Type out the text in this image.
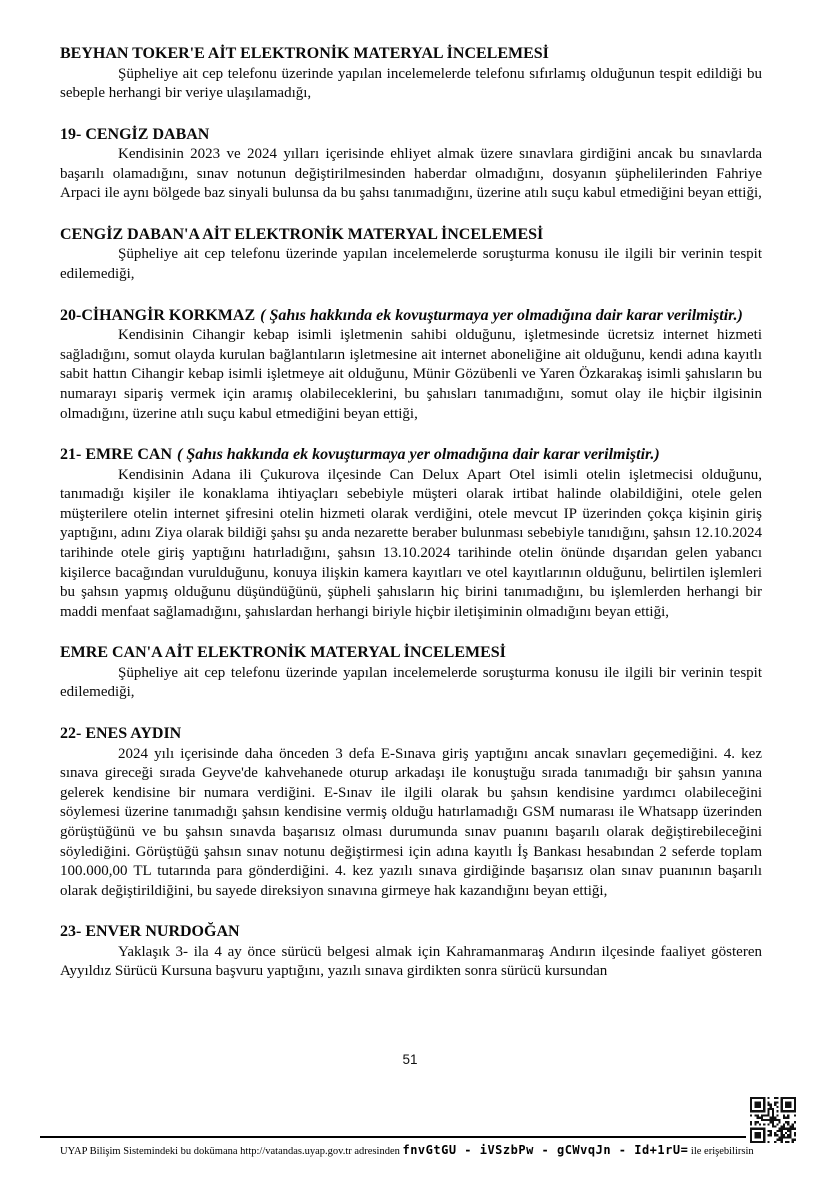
BEYHAN TOKER'E AİT ELEKTRONİK MATERYAL İNCELEMESİ

Şüpheliye ait cep telefonu üzerinde yapılan incelemelerde telefonu sıfırlamış olduğunun tespit edildiği bu sebeple herhangi bir veriye ulaşılamadığı,

19- CENGİZ DABAN

Kendisinin 2023 ve 2024 yılları içerisinde ehliyet almak üzere sınavlara girdiğini ancak bu sınavlarda başarılı olamadığını, sınav notunun değiştirilmesinden haberdar olmadığını, dosyanın şüphelilerinden Fahriye Arpaci ile aynı bölgede baz sinyali bulunsa da bu şahsı tanımadığını, üzerine atılı suçu kabul etmediğini beyan ettiği,

CENGİZ DABAN'A AİT ELEKTRONİK MATERYAL İNCELEMESİ

Şüpheliye ait cep telefonu üzerinde yapılan incelemelerde soruşturma konusu ile ilgili bir verinin tespit edilemediği,

20-CİHANGİR KORKMAZ ( Şahıs hakkında ek kovuşturmaya yer olmadığına dair karar verilmiştir.)

Kendisinin Cihangir kebap isimli işletmenin sahibi olduğunu, işletmesinde ücretsiz internet hizmeti sağladığını, somut olayda kurulan bağlantıların işletmesine ait internet aboneliğine ait olduğunu, kendi adına kayıtlı sabit hattın Cihangir kebap isimli işletmeye ait olduğunu, Münir Gözübenli ve Yaren Özkarakaş isimli şahısların bu numarayı sipariş vermek için aramış olabileceklerini, bu şahısları tanımadığını, somut olay ile hiçbir ilgisinin olmadığını, üzerine atılı suçu kabul etmediğini beyan ettiği,

21- EMRE CAN ( Şahıs hakkında ek kovuşturmaya yer olmadığına dair karar verilmiştir.)

Kendisinin Adana ili Çukurova ilçesinde Can Delux Apart Otel isimli otelin işletmecisi olduğunu, tanımadığı kişiler ile konaklama ihtiyaçları sebebiyle müşteri olarak irtibat halinde olabildiğini, otele gelen müşterilere otelin internet şifresini otelin hizmeti olarak verdiğini, otele mevcut IP üzerinden çokça kişinin giriş yaptığını, adını Ziya olarak bildiği şahsı şu anda nezarette beraber bulunması sebebiyle tanıdığını, şahsın 12.10.2024 tarihinde otele giriş yaptığını hatırladığını, şahsın 13.10.2024 tarihinde otelin önünde dışarıdan gelen yabancı kişilerce bacağından vurulduğunu, konuya ilişkin kamera kayıtları ve otel kayıtlarının olduğunu, belirtilen işlemleri bu şahsın yapmış olduğunu düşündüğünü, şüpheli şahısların hiç birini tanımadığını, bu işlemlerden herhangi bir maddi menfaat sağlamadığını, şahıslardan herhangi biriyle hiçbir iletişiminin olmadığını beyan ettiği,

EMRE CAN'A AİT ELEKTRONİK MATERYAL İNCELEMESİ

Şüpheliye ait cep telefonu üzerinde yapılan incelemelerde soruşturma konusu ile ilgili bir verinin tespit edilemediği,

22- ENES AYDIN

2024 yılı içerisinde daha önceden 3 defa E-Sınava giriş yaptığını ancak sınavları geçemediğini. 4. kez sınava gireceği sırada Geyve'de kahvehanede oturup arkadaşı ile konuştuğu sırada tanımadığı bir şahsın yanına gelerek kendisine bir numara verdiğini. E-Sınav ile ilgili olarak bu şahsın kendisine yardımcı olabileceğini söylemesi üzerine tanımadığı şahsın kendisine vermiş olduğu hatırlamadığı GSM numarası ile Whatsapp üzerinden görüştüğünü ve bu şahsın sınavda başarısız olması durumunda sınav puanını başarılı olarak değiştirebileceğini söylediğini. Görüştüğü şahsın sınav notunu değiştirmesi için adına kayıtlı İş Bankası hesabından 2 seferde toplam 100.000,00 TL tutarında para gönderdiğini. 4. kez yazılı sınava girdiğinde başarısız olan sınav puanının başarılı olarak değiştirildiğini, bu sayede direksiyon sınavına girmeye hak kazandığını beyan ettiği,

23- ENVER NURDOĞAN

Yaklaşık 3- ila 4 ay önce sürücü belgesi almak için Kahramanmaraş Andırın ilçesinde faaliyet gösteren Ayyıldız Sürücü Kursuna başvuru yaptığını, yazılı sınava girdikten sonra sürücü kursundan

51
UYAP Bilişim Sistemindeki bu dokümana http://vatandas.uyap.gov.tr adresinden fnvGtGU - iVSzbPw - gCWvqJn - Id+1rU= ile erişebilirsin
